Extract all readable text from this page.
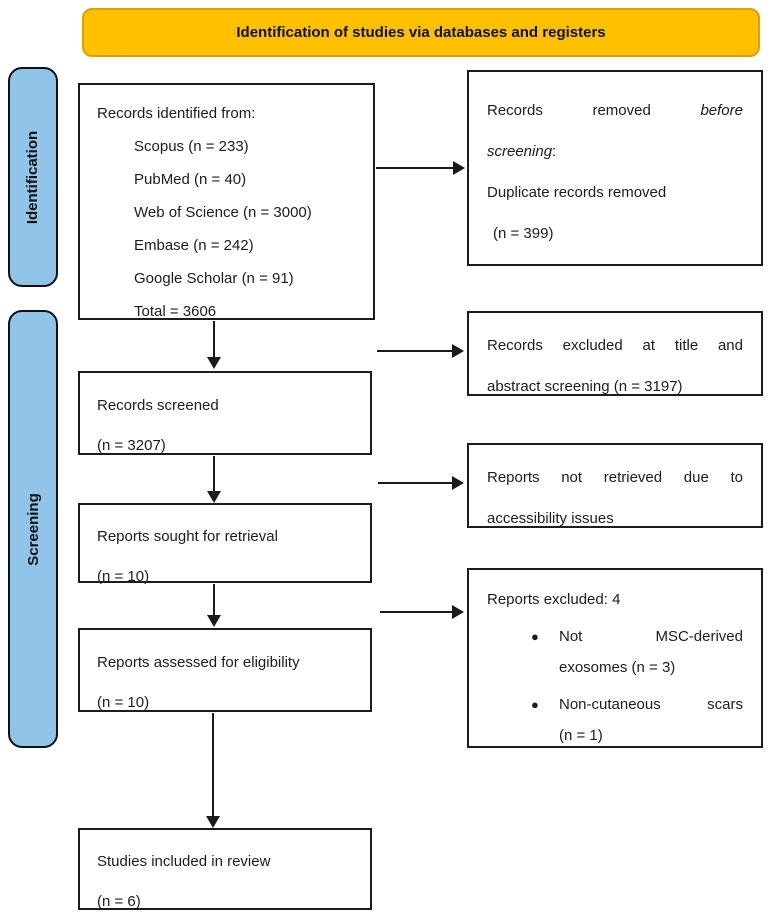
Identification of studies via databases and registers
Identification
Screening
Records identified from:
Scopus (n = 233)
PubMed (n = 40)
Web of Science (n = 3000)
Embase (n = 242)
Google Scholar (n = 91)
Total = 3606
Records	removed	before
screening:
Duplicate records removed
(n = 399)
Records screened
(n = 3207)
Records excluded at title and
abstract screening (n = 3197)
Reports sought for retrieval
(n = 10)
Reports not retrieved due to
accessibility issues
Reports assessed for eligibility
(n = 10)
Reports excluded: 4
●	Not	MSC-derived
exosomes (n = 3)
●	Non-cutaneous	scars
(n = 1)
Studies included in review
(n = 6)
